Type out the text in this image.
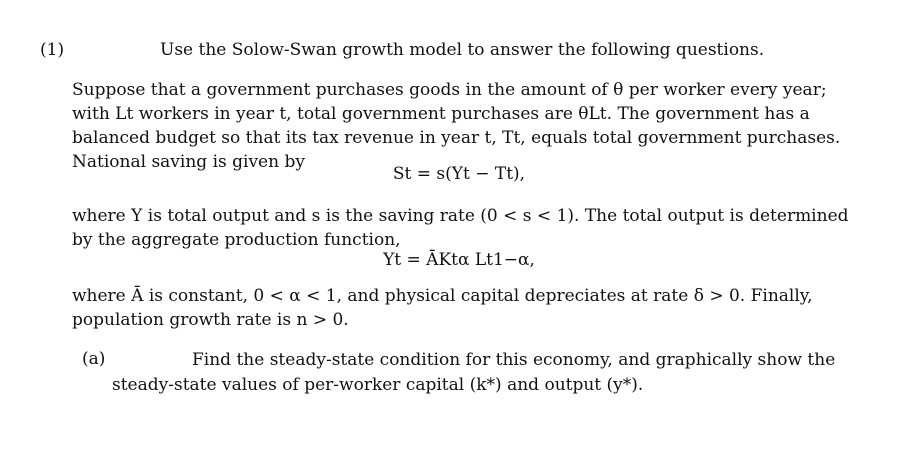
(1)	Use the Solow-Swan growth model to answer the following questions.

Suppose that a government purchases goods in the amount of θ per worker every year; with Lt workers in year t, total government purchases are θLt. The government has a balanced budget so that its tax revenue in year t, Tt, equals total government purchases. National saving is given by

St = s(Yt − Tt),

where Y is total output and s is the saving rate (0 < s < 1). The total output is determined by the aggregate production function,

Yt = ĀKtα Lt1−α,

where Ā is constant, 0 < α < 1, and physical capital depreciates at rate δ > 0. Finally, population growth rate is n > 0.

(a)	Find the steady-state condition for this economy, and graphically show the steady-state values of per-worker capital (k*) and output (y*).
